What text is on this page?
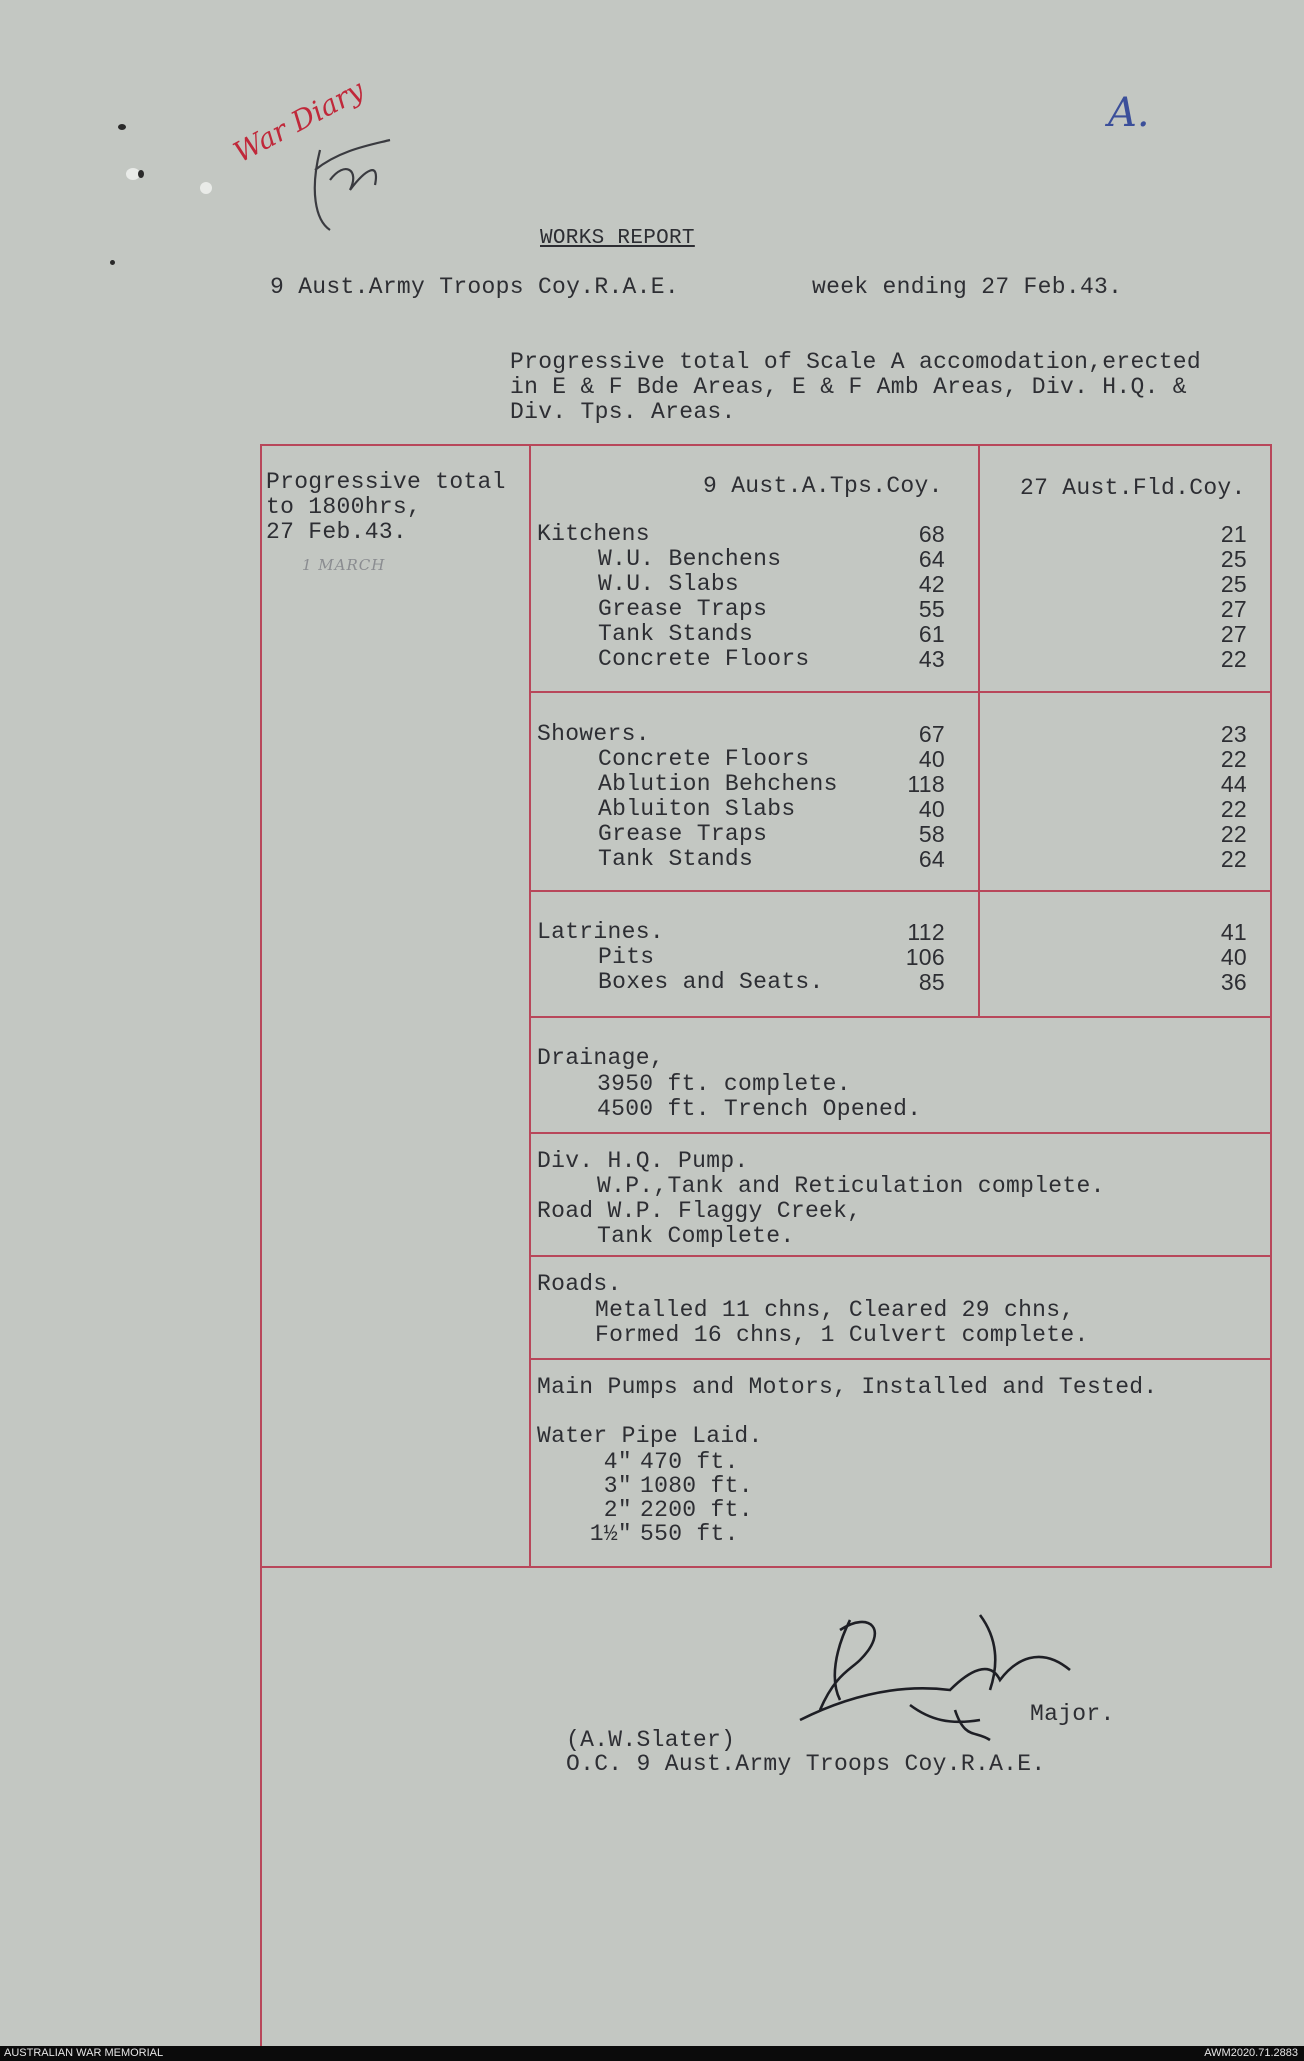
War Diary	A.
WORKS REPORT
9 Aust.Army Troops Coy.R.A.E.	week ending 27 Feb.43.
Progressive total of Scale A accomodation,erected
in E & F Bde Areas, E & F Amb Areas, Div. H.Q. &
Div. Tps. Areas.
Progressive total
to 1800hrs,
27 Feb.43.
1 MARCH
9 Aust.A.Tps.Coy.	27 Aust.Fld.Coy.
Kitchens	68	21
W.U. Benchens	64	25
W.U. Slabs	42	25
Grease Traps	55	27
Tank Stands	61	27
Concrete Floors	43	22
Showers.	67	23
Concrete Floors	40	22
Ablution Behchens	118	44
Abluiton Slabs	40	22
Grease Traps	58	22
Tank Stands	64	22
Latrines.	112	41
Pits	106	40
Boxes and Seats.	85	36
Drainage,
3950 ft. complete.
4500 ft. Trench Opened.
Div. H.Q. Pump.
W.P.,Tank and Reticulation complete.
Road W.P. Flaggy Creek,
Tank Complete.
Roads.
Metalled 11 chns, Cleared 29 chns,
Formed 16 chns, 1 Culvert complete.
Main Pumps and Motors, Installed and Tested.
Water Pipe Laid.
4" 470 ft.
3" 1080 ft.
2" 2200 ft.
1½" 550 ft.
Major.
(A.W.Slater)
O.C. 9 Aust.Army Troops Coy.R.A.E.
AUSTRALIAN WAR MEMORIAL	AWM2020.71.2883
